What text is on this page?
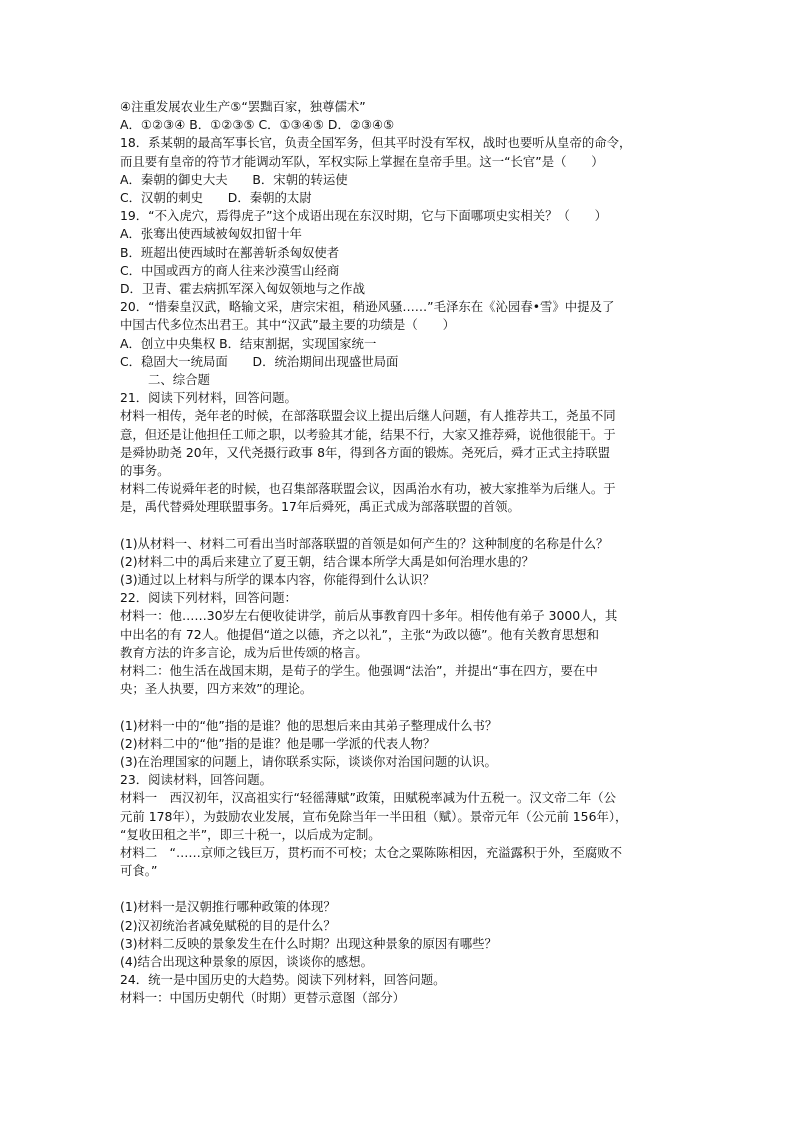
④注重发展农业生产⑤“罢黜百家，独尊儒术”
A．①②③④ B．①②③⑤ C．①③④⑤ D．②③④⑤
18．系某朝的最高军事长官，负责全国军务，但其平时没有军权，战时也要听从皇帝的命令，
而且要有皇帝的符节才能调动军队，军权实际上掌握在皇帝手里。这一“长官”是（　　）
A．秦朝的御史大夫　　B．宋朝的转运使
C．汉朝的刺史　　D．秦朝的太尉
19．“不入虎穴，焉得虎子”这个成语出现在东汉时期，它与下面哪项史实相关？（　　）
A．张骞出使西域被匈奴扣留十年
B．班超出使西域时在鄯善斩杀匈奴使者
C．中国或西方的商人往来沙漠雪山经商
D．卫青、霍去病抓军深入匈奴领地与之作战
20．“惜秦皇汉武，略输文采，唐宗宋祖，稍逊风骚……”毛泽东在《沁园春•雪》中提及了
中国古代多位杰出君王。其中“汉武”最主要的功绩是（　　）
A．创立中央集权 B．结束割据，实现国家统一
C．稳固大一统局面　　D．统治期间出现盛世局面
二、综合题
21．阅读下列材料，回答问题。
材料一相传，尧年老的时候，在部落联盟会议上提出后继人问题，有人推荐共工，尧虽不同
意，但还是让他担任工师之职，以考验其才能，结果不行，大家又推荐舜，说他很能干。于
是舜协助尧 20年，又代尧摄行政事 8年，得到各方面的锻炼。尧死后，舜才正式主持联盟
的事务。
材料二传说舜年老的时候，也召集部落联盟会议，因禹治水有功，被大家推举为后继人。于
是，禹代替舜处理联盟事务。17年后舜死，禹正式成为部落联盟的首领。
(1)从材料一、材料二可看出当时部落联盟的首领是如何产生的？这种制度的名称是什么？
(2)材料二中的禹后来建立了夏王朝，结合课本所学大禹是如何治理水患的？
(3)通过以上材料与所学的课本内容，你能得到什么认识？
22．阅读下列材料，回答问题：
材料一：他……30岁左右便收徒讲学，前后从事教育四十多年。相传他有弟子 3000人，其
中出名的有 72人。他提倡“道之以德，齐之以礼”，主张“为政以德”。他有关教育思想和
教育方法的许多言论，成为后世传颂的格言。
材料二：他生活在战国末期，是荀子的学生。他强调“法治”，并提出“事在四方，要在中
央；圣人执要，四方来效”的理论。
(1)材料一中的“他”指的是谁？他的思想后来由其弟子整理成什么书？
(2)材料二中的“他”指的是谁？他是哪一学派的代表人物？
(3)在治理国家的问题上，请你联系实际，谈谈你对治国问题的认识。
23．阅读材料，回答问题。
材料一　西汉初年，汉高祖实行“轻徭薄赋”政策，田赋税率减为什五税一。汉文帝二年（公
元前 178年），为鼓励农业发展，宣布免除当年一半田租（赋）。景帝元年（公元前 156年），
“复收田租之半”，即三十税一，以后成为定制。
材料二　“……京师之钱巨万，贯朽而不可校；太仓之粟陈陈相因，充溢露积于外，至腐败不
可食。”
(1)材料一是汉朝推行哪种政策的体现？
(2)汉初统治者减免赋税的目的是什么？
(3)材料二反映的景象发生在什么时期？出现这种景象的原因有哪些？
(4)结合出现这种景象的原因，谈谈你的感想。
24．统一是中国历史的大趋势。阅读下列材料，回答问题。
材料一：中国历史朝代（时期）更替示意图（部分）
